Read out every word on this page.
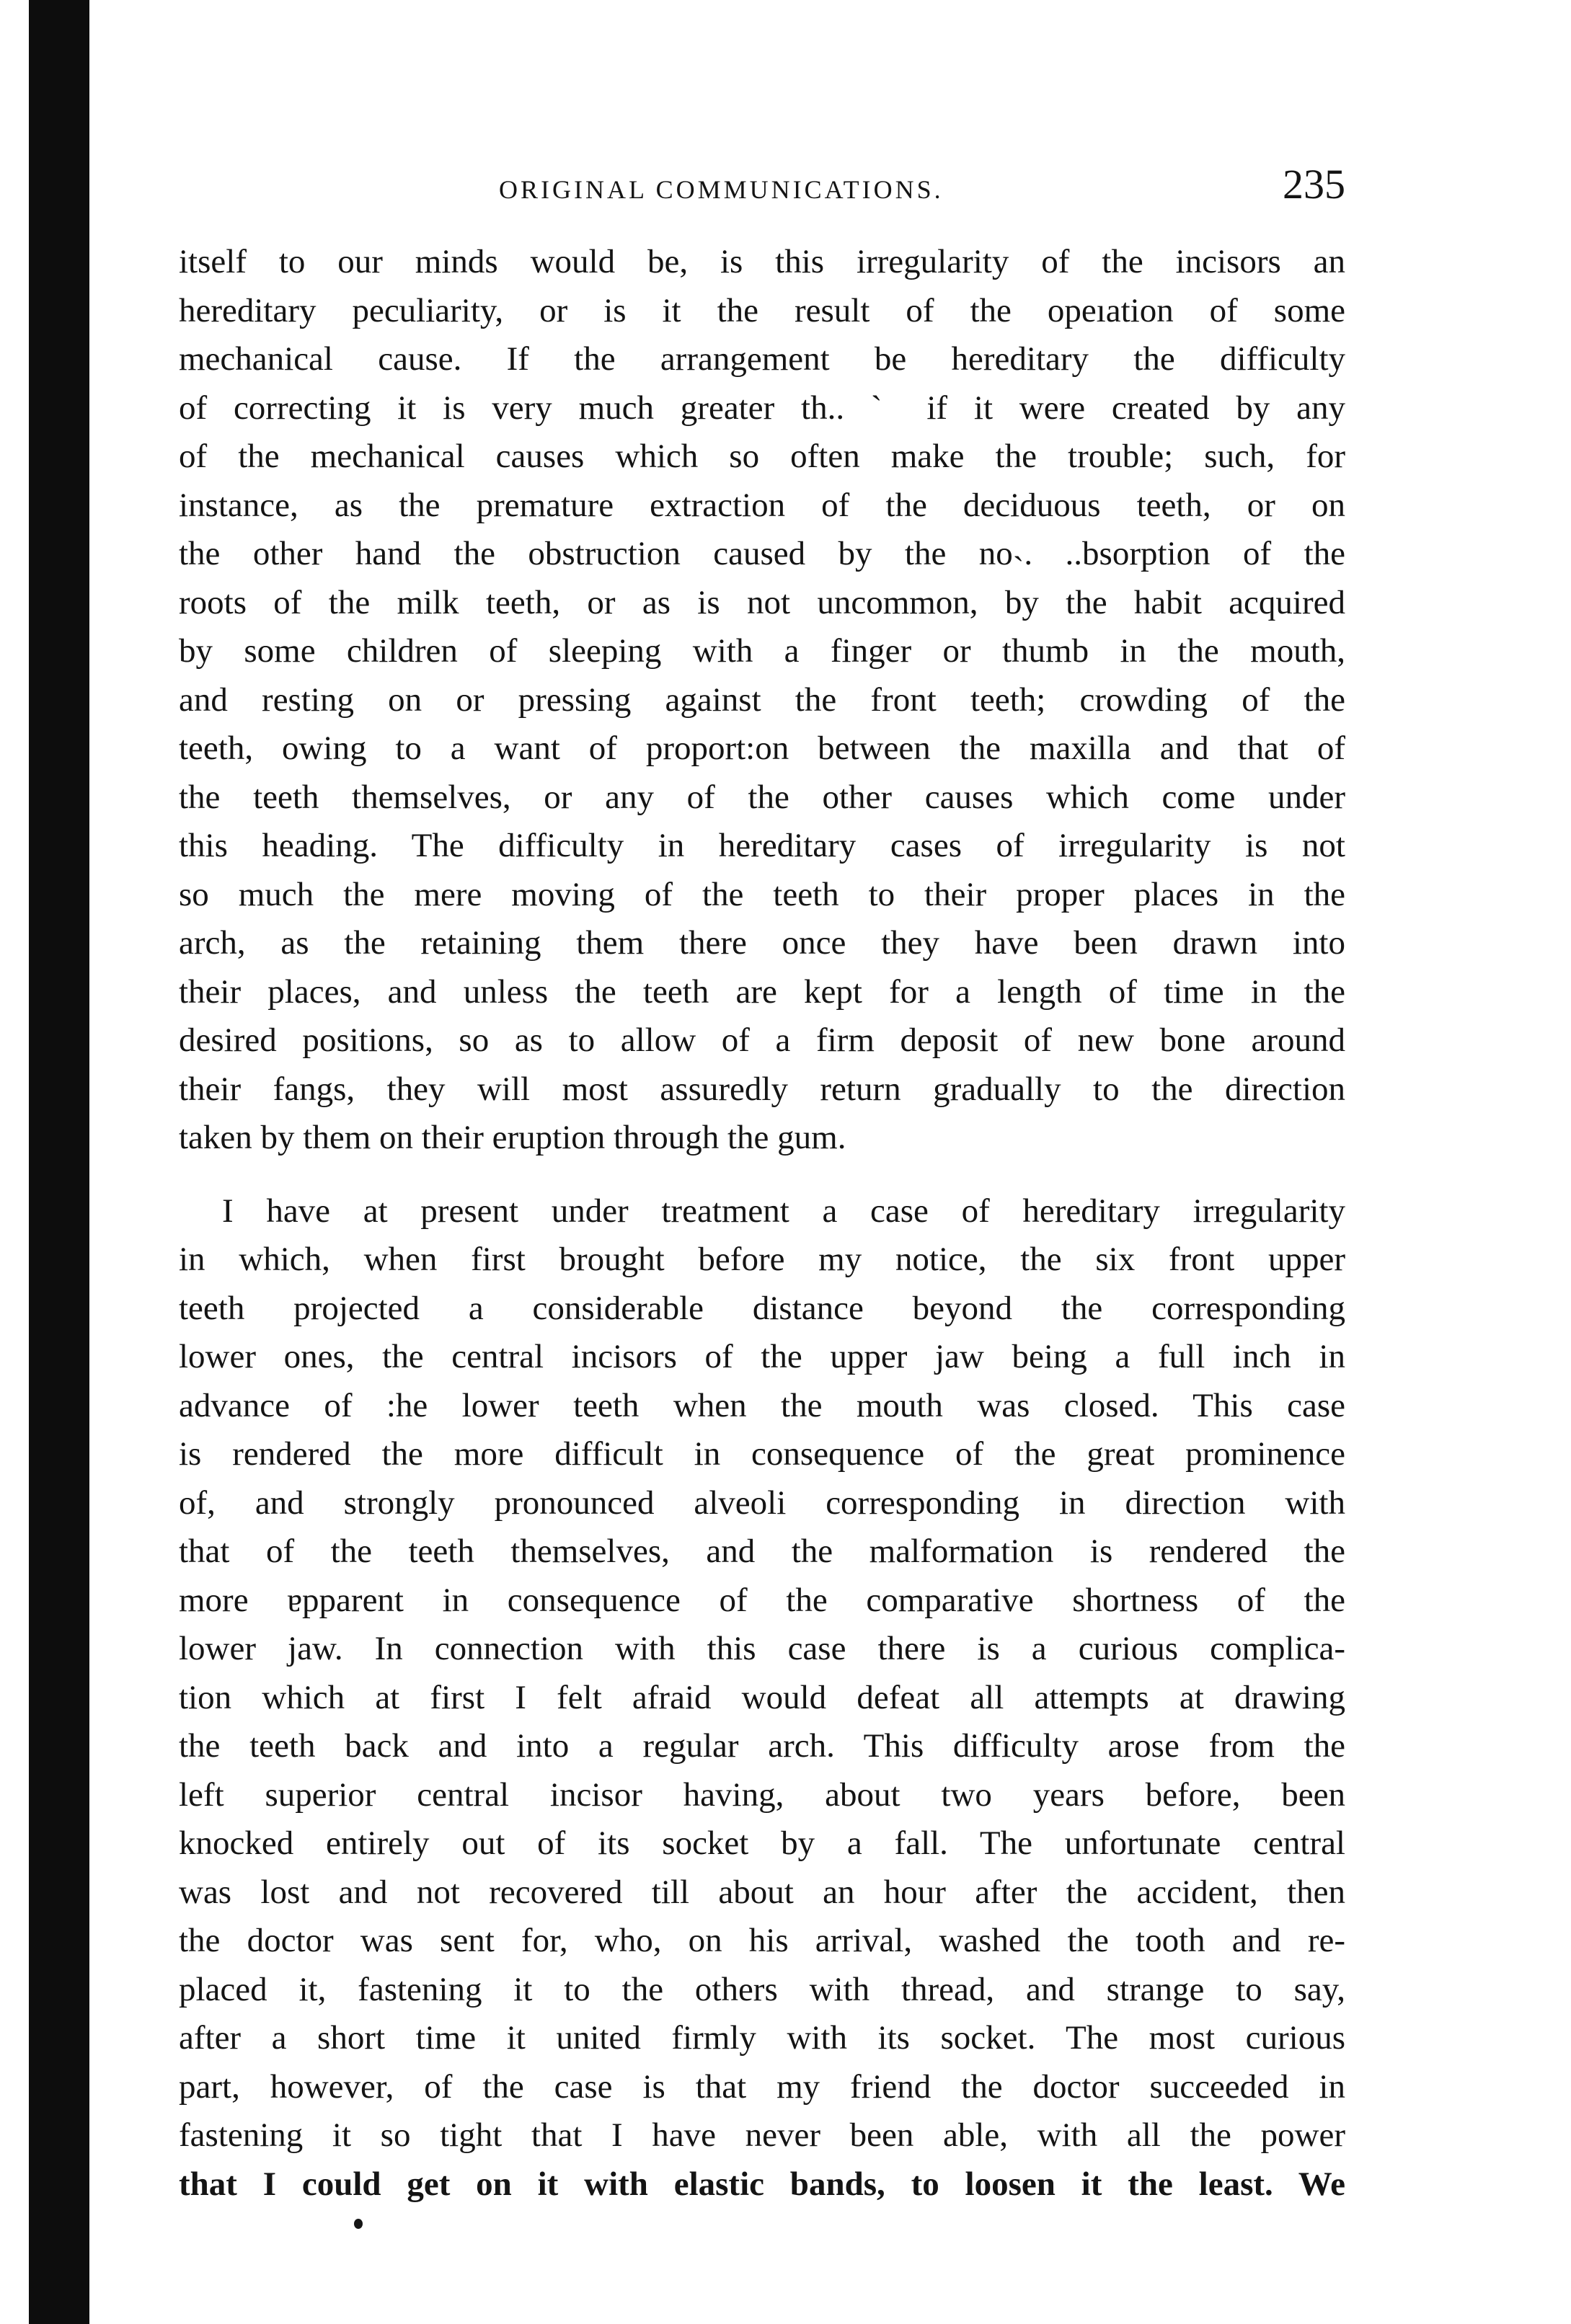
ORIGINAL COMMUNICATIONS.	235
itself to our minds would be, is this irregularity of the incisors an
hereditary peculiarity, or is it the result of the opeıation of some
mechanical cause. If the arrangement be hereditary the difficulty
of correcting it is very much greater th.. ˋ if it were created by any
of the mechanical causes which so often make the trouble; such, for
instance, as the premature extraction of the deciduous teeth, or on
the other hand the obstruction caused by the no˴. ..bsorption of the
roots of the milk teeth, or as is not uncommon, by the habit acquired
by some children of sleeping with a finger or thumb in the mouth,
and resting on or pressing against the front teeth; crowding of the
teeth, owing to a want of proport:on between the maxilla and that of
the teeth themselves, or any of the other causes which come under
this heading. The difficulty in hereditary cases of irregularity is not
so much the mere moving of the teeth to their proper places in the
arch, as the retaining them there once they have been drawn into
their places, and unless the teeth are kept for a length of time in the
desired positions, so as to allow of a firm deposit of new bone around
their fangs, they will most assuredly return gradually to the direction
taken by them on their eruption through the gum.
I have at present under treatment a case of hereditary irregularity
in which, when first brought before my notice, the six front upper
teeth projected a considerable distance beyond the corresponding
lower ones, the central incisors of the upper jaw being a full inch in
advance of :he lower teeth when the mouth was closed. This case
is rendered the more difficult in consequence of the great prominence
of, and strongly pronounced alveoli corresponding in direction with
that of the teeth themselves, and the malformation is rendered the
more ɐpparent in consequence of the comparative shortness of the
lower jaw. In connection with this case there is a curious complica-
tion which at first I felt afraid would defeat all attempts at drawing
the teeth back and into a regular arch. This difficulty arose from the
left superior central incisor having, about two years before, been
knocked entirely out of its socket by a fall. The unfortunate central
was lost and not recovered till about an hour after the accident, then
the doctor was sent for, who, on his arrival, washed the tooth and re-
placed it, fastening it to the others with thread, and strange to say,
after a short time it united firmly with its socket. The most curious
part, however, of the case is that my friend the doctor succeeded in
fastening it so tight that I have never been able, with all the power
that I could get on it with elastic bands, to loosen it the least. We
